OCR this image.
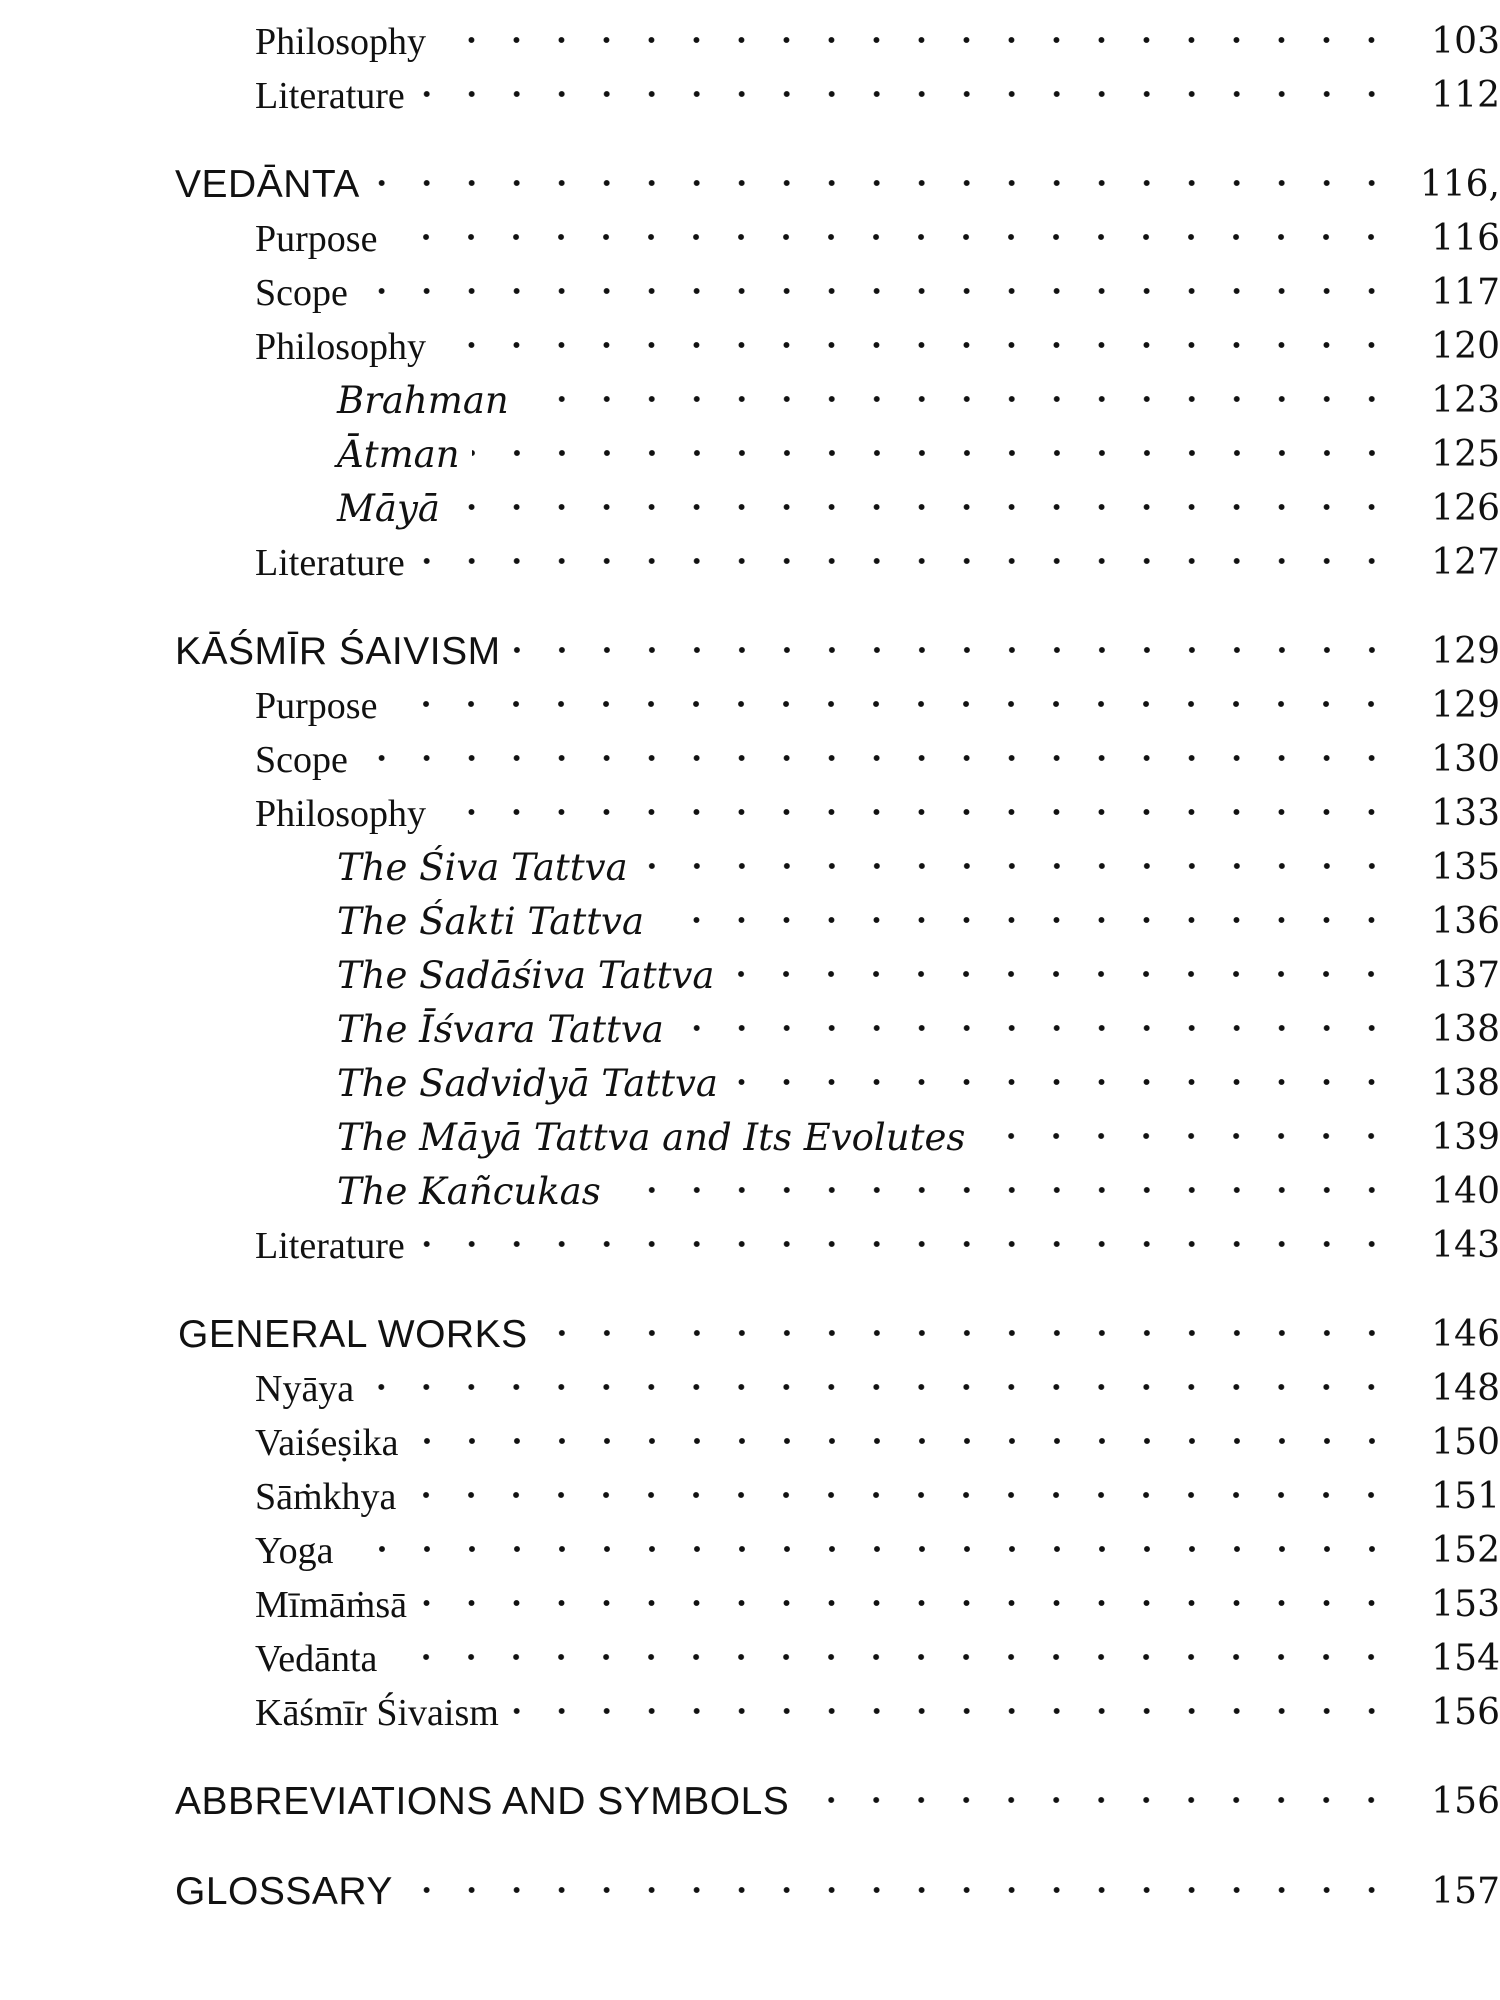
Philosophy	103
Literature	112
VEDĀNTA	116,
Purpose	116
Scope	117
Philosophy	120
Brahman	123
Ātman	125
Māyā	126
Literature	127
KĀŚMĪR ŚAIVISM	129
Purpose	129
Scope	130
Philosophy	133
The Śiva Tattva	135
The Śakti Tattva	136
The Sadāśiva Tattva	137
The Īśvara Tattva	138
The Sadvidyā Tattva	138
The Māyā Tattva and Its Evolutes	139
The Kañcukas	140
Literature	143
GENERAL WORKS	146
Nyāya	148
Vaiśeṣika	150
Sāṁkhya	151
Yoga	152
Mīmāṁsā	153
Vedānta	154
Kāśmīr Śivaism	156
ABBREVIATIONS AND SYMBOLS	156
GLOSSARY	157
